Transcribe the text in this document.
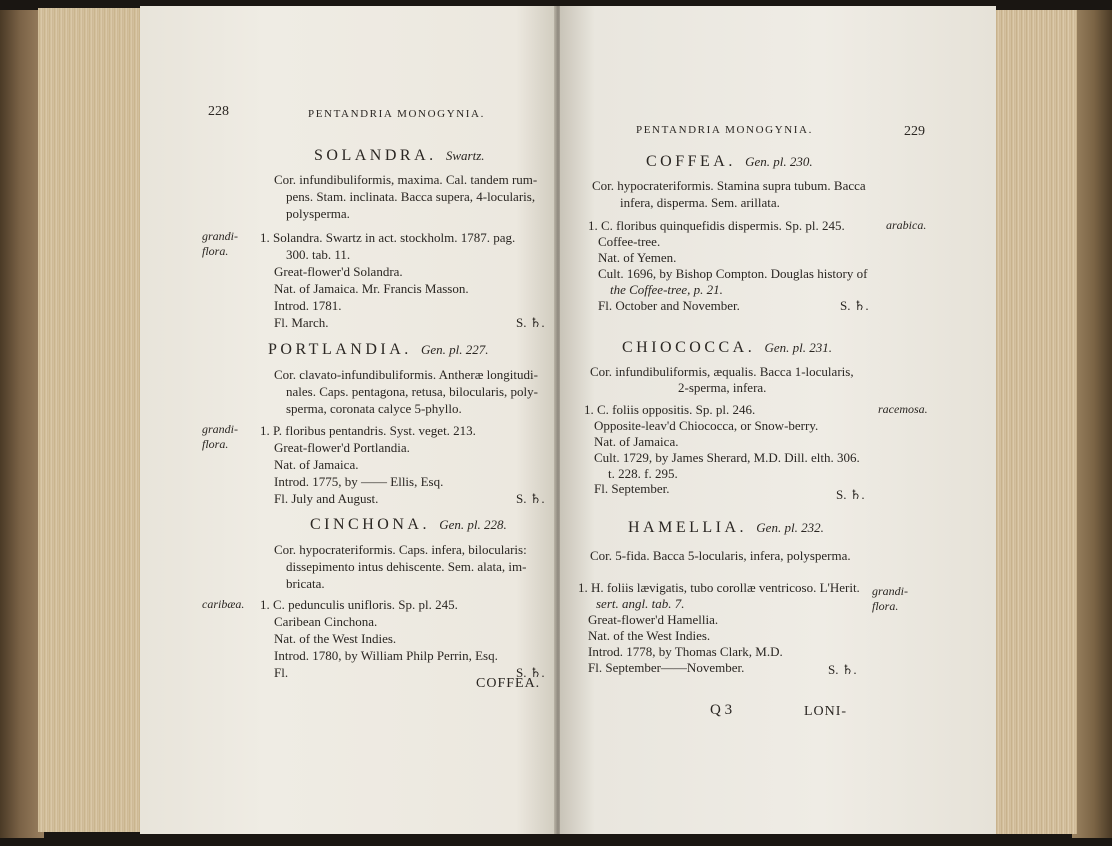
228	PENTANDRIA MONOGYNIA.
SOLANDRA. Swartz.
Cor. infundibuliformis, maxima. Cal. tandem rum-
pens. Stam. inclinata. Bacca supera, 4-locularis,
polysperma.
grandi-
flora.
1. Solandra. Swartz in act. stockholm. 1787. pag.
300. tab. 11.
Great-flower'd Solandra.
Nat. of Jamaica. Mr. Francis Masson.
Introd. 1781.
Fl. March.	S. ♄.
PORTLANDIA. Gen. pl. 227.
Cor. clavato-infundibuliformis. Antheræ longitudi-
nales. Caps. pentagona, retusa, bilocularis, poly-
sperma, coronata calyce 5-phyllo.
grandi-
flora.
1. P. floribus pentandris. Syst. veget. 213.
Great-flower'd Portlandia.
Nat. of Jamaica.
Introd. 1775, by —— Ellis, Esq.
Fl. July and August.	S. ♄.
CINCHONA. Gen. pl. 228.
Cor. hypocrateriformis. Caps. infera, bilocularis:
dissepimento intus dehiscente. Sem. alata, im-
bricata.
caribæa. 1. C. pedunculis unifloris. Sp. pl. 245.
Caribean Cinchona.
Nat. of the West Indies.
Introd. 1780, by William Philp Perrin, Esq.
Fl.	S. ♄.
COFFEA.
PENTANDRIA MONOGYNIA.	229
COFFEA. Gen. pl. 230.
Cor. hypocrateriformis. Stamina supra tubum. Bacca
infera, disperma. Sem. arillata.
arabica.
1. C. floribus quinquefidis dispermis. Sp. pl. 245.
Coffee-tree.
Nat. of Yemen.
Cult. 1696, by Bishop Compton. Douglas history of
the Coffee-tree, p. 21.
Fl. October and November.	S. ♄.
CHIOCOCCA. Gen. pl. 231.
Cor. infundibuliformis, æqualis. Bacca 1-locularis,
2-sperma, infera.
racemosa.
1. C. foliis oppositis. Sp. pl. 246.
Opposite-leav'd Chiococca, or Snow-berry.
Nat. of Jamaica.
Cult. 1729, by James Sherard, M.D. Dill. elth. 306.
t. 228. f. 295.
Fl. September.	S. ♄.
HAMELLIA. Gen. pl. 232.
Cor. 5-fida. Bacca 5-locularis, infera, polysperma.
grandi-
flora.
1. H. foliis lævigatis, tubo corollæ ventricoso. L'Herit.
sert. angl. tab. 7.
Great-flower'd Hamellia.
Nat. of the West Indies.
Introd. 1778, by Thomas Clark, M.D.
Fl. September——November.	S. ♄.
Q 3	LONI-
